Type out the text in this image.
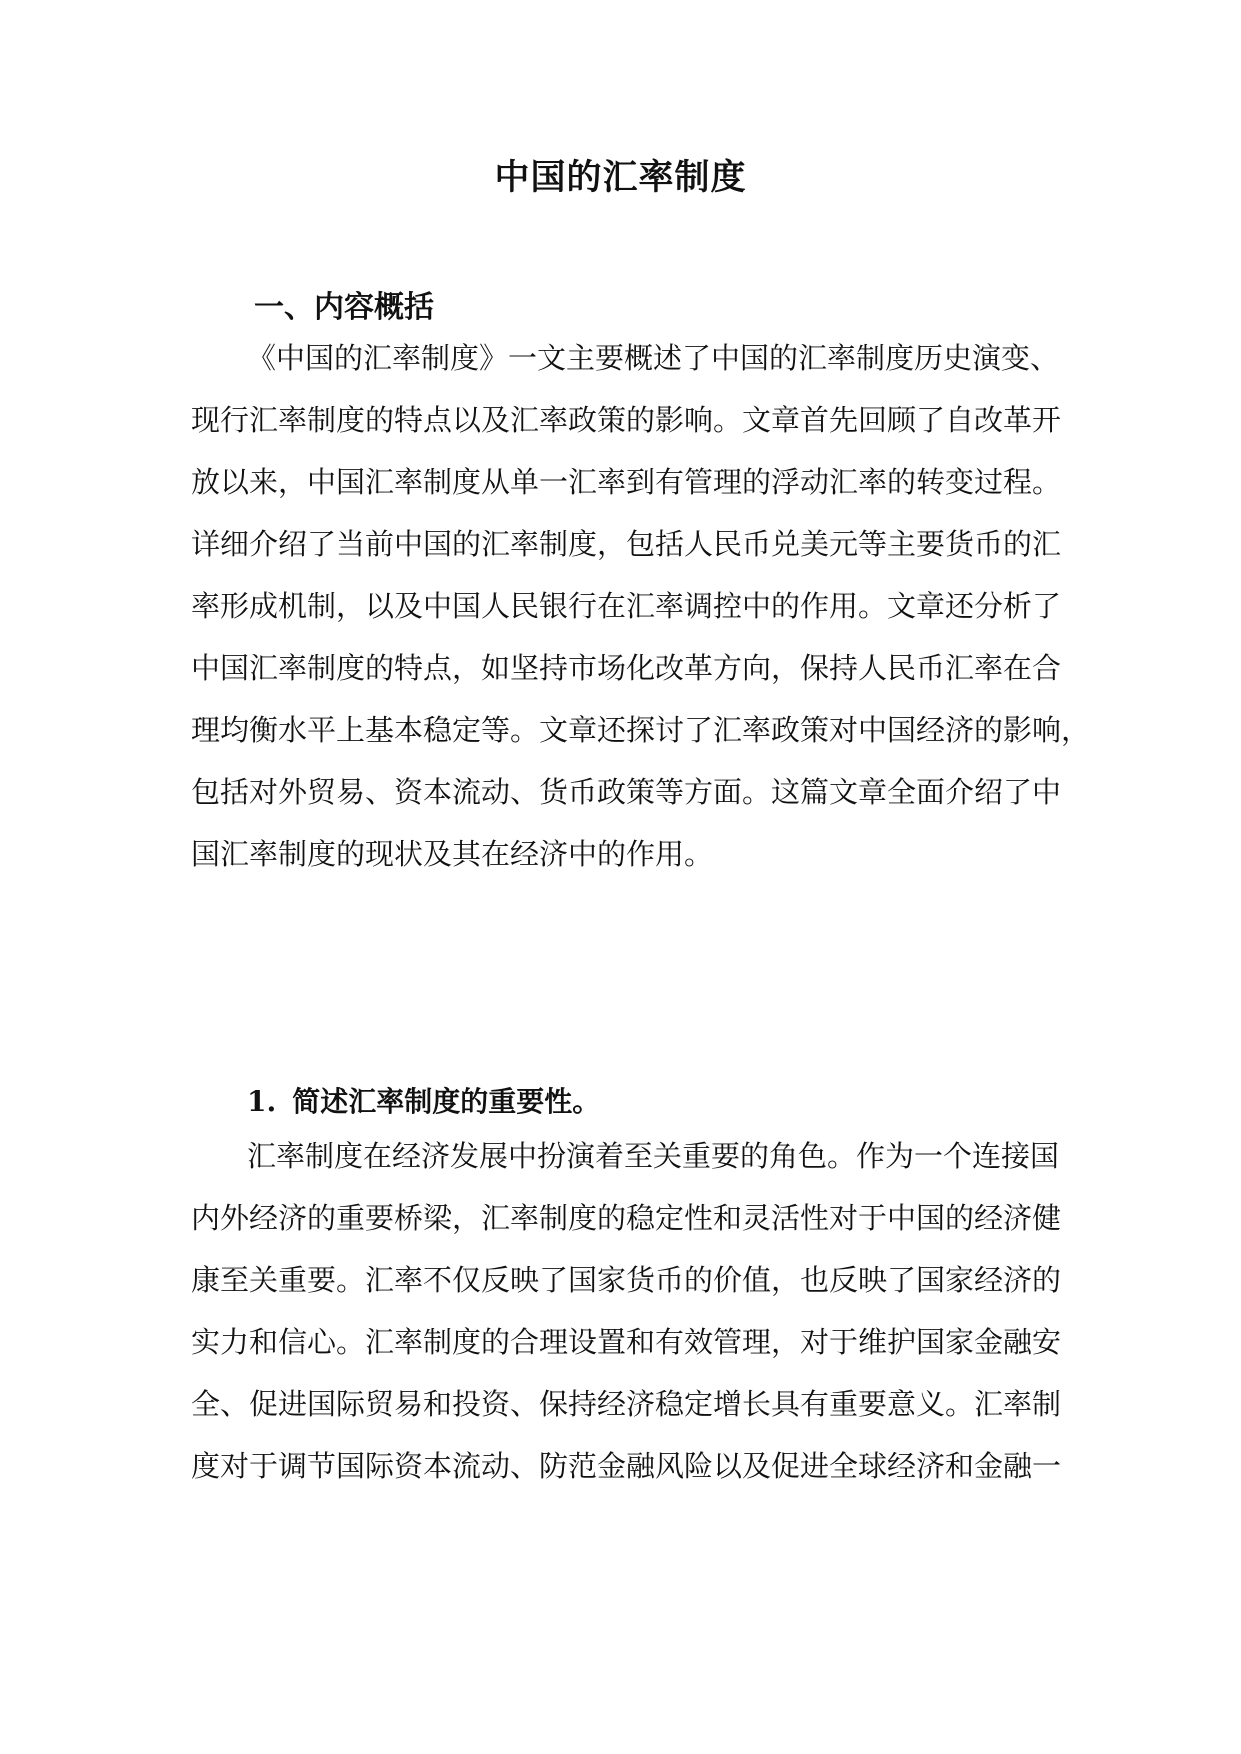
中国的汇率制度
一、内容概括

《中国的汇率制度》一文主要概述了中国的汇率制度历史演变、

现行汇率制度的特点以及汇率政策的影响。文章首先回顾了自改革开

放以来，中国汇率制度从单一汇率到有管理的浮动汇率的转变过程。

详细介绍了当前中国的汇率制度，包括人民币兑美元等主要货币的汇

率形成机制，以及中国人民银行在汇率调控中的作用。文章还分析了

中国汇率制度的特点，如坚持市场化改革方向，保持人民币汇率在合

理均衡水平上基本稳定等。文章还探讨了汇率政策对中国经济的影响，

包括对外贸易、资本流动、货币政策等方面。这篇文章全面介绍了中

国汇率制度的现状及其在经济中的作用。

1. 简述汇率制度的重要性。

汇率制度在经济发展中扮演着至关重要的角色。作为一个连接国

内外经济的重要桥梁，汇率制度的稳定性和灵活性对于中国的经济健

康至关重要。汇率不仅反映了国家货币的价值，也反映了国家经济的

实力和信心。汇率制度的合理设置和有效管理，对于维护国家金融安

全、促进国际贸易和投资、保持经济稳定增长具有重要意义。汇率制

度对于调节国际资本流动、防范金融风险以及促进全球经济和金融一
